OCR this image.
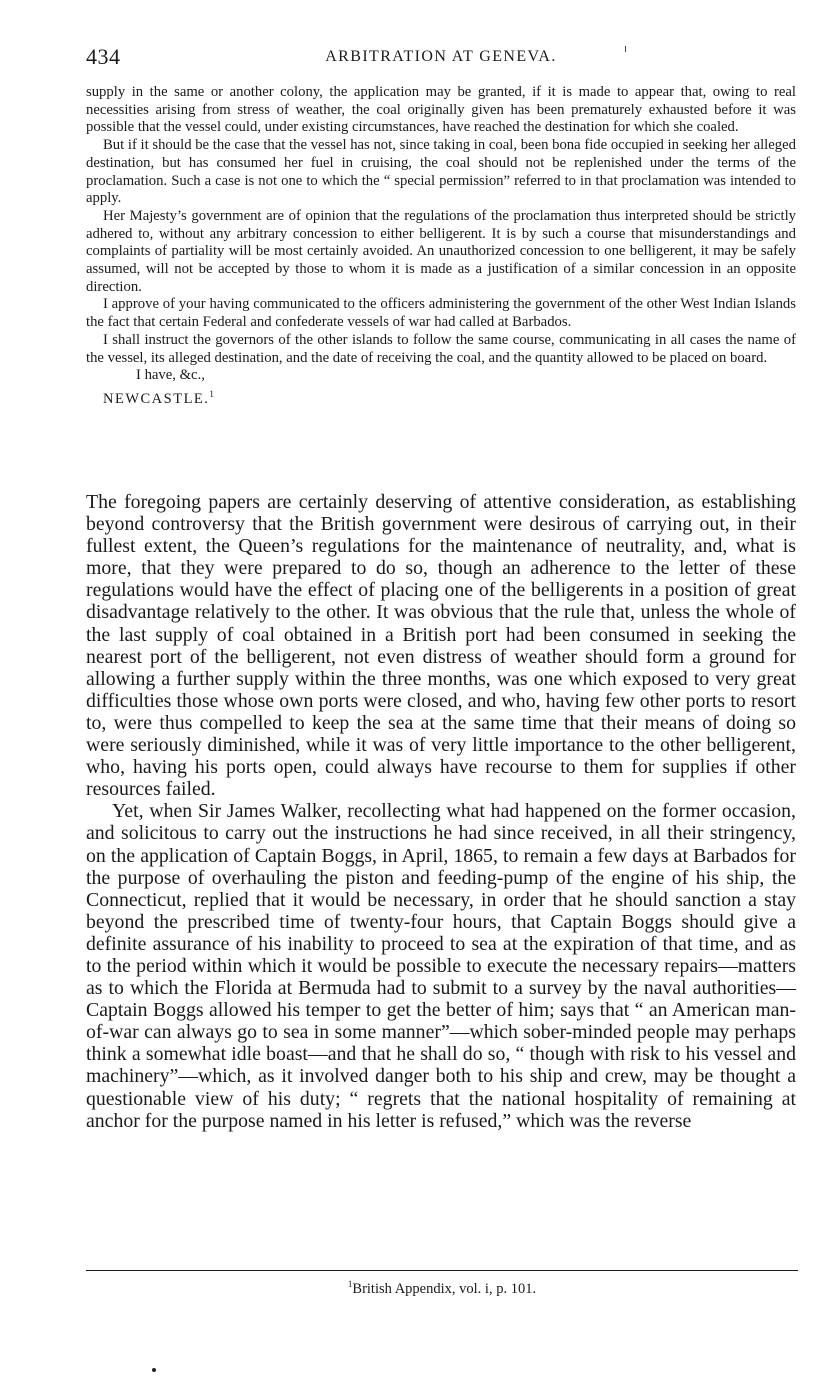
434	ARBITRATION AT GENEVA.

supply in the same or another colony, the application may be granted, if it is made to appear that, owing to real necessities arising from stress of weather, the coal originally given has been prematurely exhausted before it was possible that the vessel could, under existing circumstances, have reached the destination for which she coaled.

But if it should be the case that the vessel has not, since taking in coal, been bona fide occupied in seeking her alleged destination, but has consumed her fuel in cruising, the coal should not be replenished under the terms of the proclamation. Such a case is not one to which the “ special permission” referred to in that proclamation was intended to apply.

Her Majesty’s government are of opinion that the regulations of the proclamation thus interpreted should be strictly adhered to, without any arbitrary concession to either belligerent. It is by such a course that misunderstandings and complaints of partiality will be most certainly avoided. An unauthorized concession to one belligerent, it may be safely assumed, will not be accepted by those to whom it is made as a justification of a similar concession in an opposite direction.

I approve of your having communicated to the officers administering the government of the other West Indian Islands the fact that certain Federal and confederate vessels of war had called at Barbados.

I shall instruct the governors of the other islands to follow the same course, communicating in all cases the name of the vessel, its alleged destination, and the date of receiving the coal, and the quantity allowed to be placed on board.

I have, &c.,

NEWCASTLE.$^1$

The foregoing papers are certainly deserving of attentive consideration, as establishing beyond controversy that the British government were desirous of carrying out, in their fullest extent, the Queen’s regulations for the maintenance of neutrality, and, what is more, that they were prepared to do so, though an adherence to the letter of these regulations would have the effect of placing one of the belligerents in a position of great disadvantage relatively to the other. It was obvious that the rule that, unless the whole of the last supply of coal obtained in a British port had been consumed in seeking the nearest port of the belligerent, not even distress of weather should form a ground for allowing a further supply within the three months, was one which exposed to very great difficulties those whose own ports were closed, and who, having few other ports to resort to, were thus compelled to keep the sea at the same time that their means of doing so were seriously diminished, while it was of very little importance to the other belligerent, who, having his ports open, could always have recourse to them for supplies if other resources failed.

Yet, when Sir James Walker, recollecting what had happened on the former occasion, and solicitous to carry out the instructions he had since received, in all their stringency, on the application of Captain Boggs, in April, 1865, to remain a few days at Barbados for the purpose of overhauling the piston and feeding-pump of the engine of his ship, the Connecticut, replied that it would be necessary, in order that he should sanction a stay beyond the prescribed time of twenty-four hours, that Captain Boggs should give a definite assurance of his inability to proceed to sea at the expiration of that time, and as to the period within which it would be possible to execute the necessary repairs—matters as to which the Florida at Bermuda had to submit to a survey by the naval authorities—Captain Boggs allowed his temper to get the better of him; says that “ an American man-of-war can always go to sea in some manner”—which sober-minded people may perhaps think a somewhat idle boast—and that he shall do so, “ though with risk to his vessel and machinery”—which, as it involved danger both to his ship and crew, may be thought a questionable view of his duty; “ regrets that the national hospitality of remaining at anchor for the purpose named in his letter is refused,” which was the reverse

$^1$British Appendix, vol. i, p. 101.
